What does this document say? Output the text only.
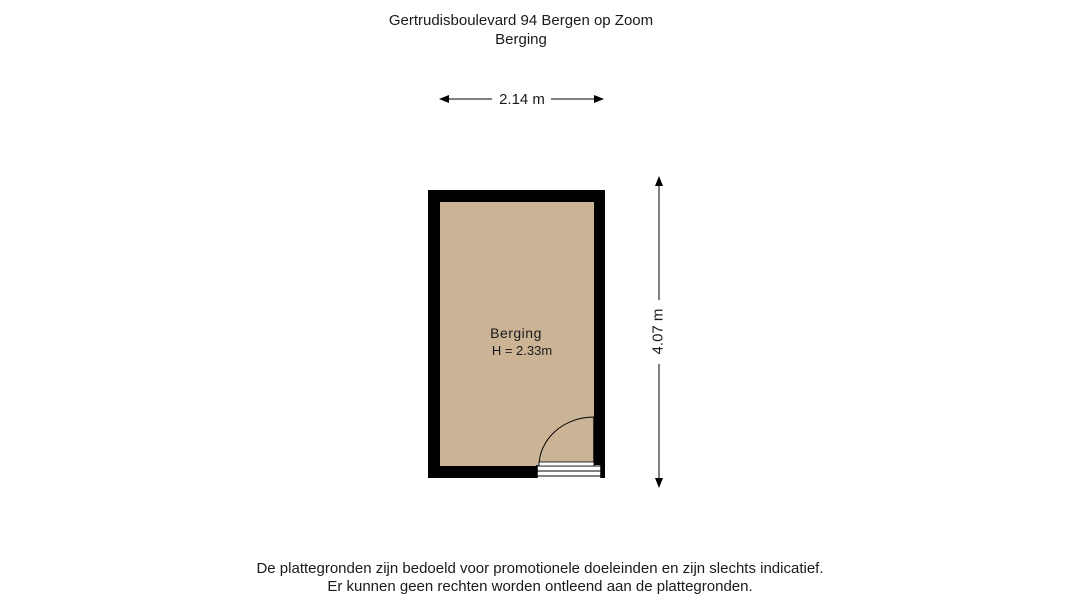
Gertrudisboulevard 94 Bergen op Zoom
Berging
2.14 m
4.07 m
Berging
H = 2.33m
De plattegronden zijn bedoeld voor promotionele doeleinden en zijn slechts indicatief.
Er kunnen geen rechten worden ontleend aan de plattegronden.
